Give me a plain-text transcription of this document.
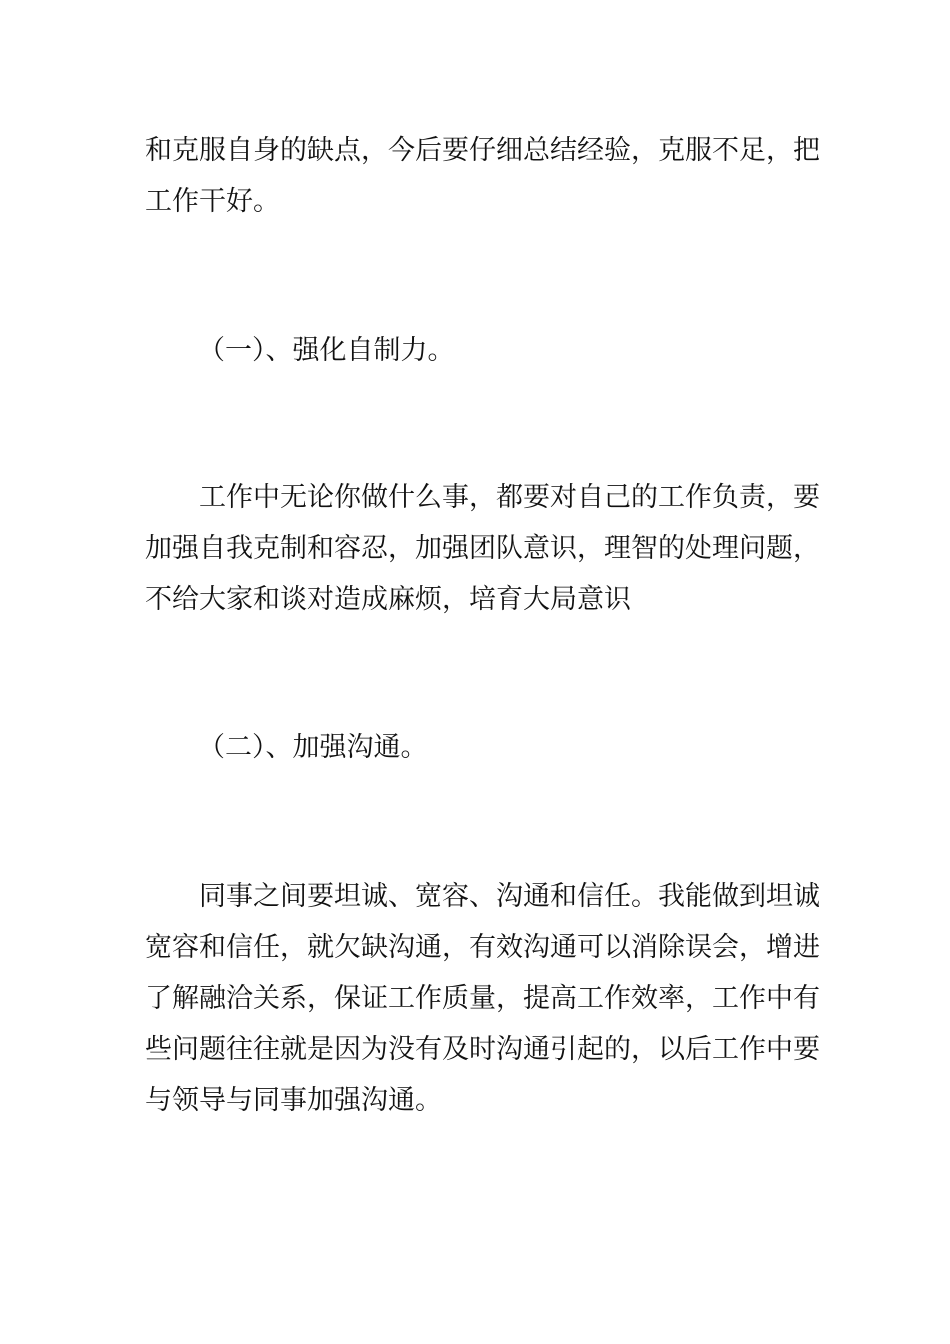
和克服自身的缺点，今后要仔细总结经验，克服不足，把
工作干好。
（一）、强化自制力。
工作中无论你做什么事，都要对自己的工作负责，要
加强自我克制和容忍，加强团队意识，理智的处理问题，
不给大家和谈对造成麻烦，培育大局意识
（二）、加强沟通。
同事之间要坦诚、宽容、沟通和信任。我能做到坦诚
宽容和信任，就欠缺沟通，有效沟通可以消除误会，增进
了解融洽关系，保证工作质量，提高工作效率，工作中有
些问题往往就是因为没有及时沟通引起的，以后工作中要
与领导与同事加强沟通。
